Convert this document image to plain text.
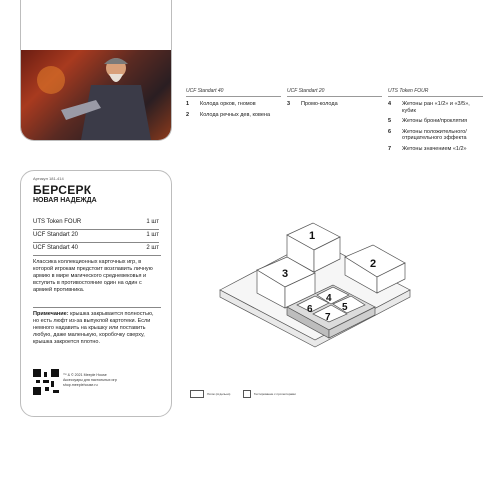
Артикул 181-414
БЕРСЕРК
НОВАЯ НАДЕЖДА
UTS Token FOUR	1 шт
UCF Standart 20	1 шт
UCF Standart 40	2 шт
Классика коллекционных карточных игр, в которой игрокам предстоит возглавить личную армию в мире магического средневековья и вступить в противостояние один на один с армией противника.
Примечание: крышка закрывается полностью, но есть люфт из-за выпуклой картотеки. Если немного надавить на крышку или поставить любую, даже маленькую, коробочку сверху, крышка закроется плотно.
™ & © 2021 Meeple House
Аксессуары для настольных игр
shop.meeplehouse.ru
UCF Standart 40
1	Колода орков, гномов
2	Колода речных дев, ковена
UCF Standart 20
3	Промо-колода
UTS Token FOUR
4	Жетоны ран «1/2» и «3/5», кубик
5	Жетоны брони/проклятия
6	Жетоны положительного/ отрицательного эффекта
7	Жетоны значением «1/2»
1
2
3
4
5
6
7
Лоток (отдельно)	Тестирование с протекторами
